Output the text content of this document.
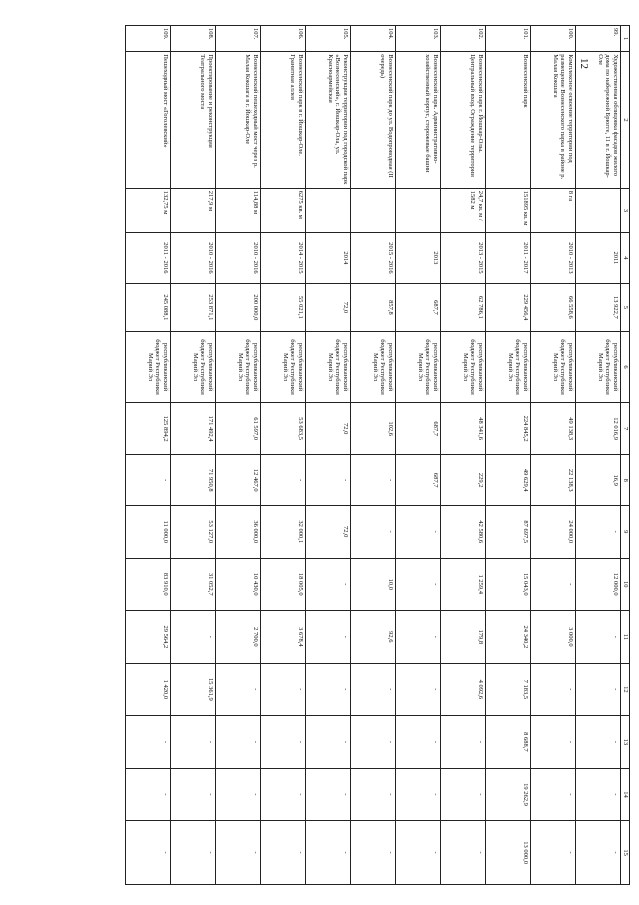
12
1	2	3	4	5	6	7	8	9	10	11	12	13	14	15
99.	Художественная облицовка фасадов жилого дома по набережной Брюгге, 11 в г. Йошкар-Оле		2011	13 922,7	республиканский бюджет Республики Марий Эл	12 016,9	16,9	-	12 000,0	-	-	-	-	-
100.	Комплексное освоение территории под размещение Вознесенского парка в районе р. Малая Кокшага	8 га	2010 - 2013	66 558,6	республиканский бюджет Республики Марий Эл	49 138,3	22 138,3	24 000,0	-	3 000,0	-	-	-	-
101.	Вознесенский парк	151895 кв. м	2011 - 2017	229 456,4	республиканский бюджет Республики Марий Эл	224 845,2	49 629,4	87 697,5	15 043,0	24 340,2	7 183,5	8 688,7	19 262,9	13 000,0
102.	Вознесенский парк г. Йошкар-Олы. Центральный вход. Ограждение территории	24,7 кв. м / 1582 м	2013 - 2015	62 786,1	республиканский бюджет Республики Марий Эл	48 341,6	229,2	42 580,6	1 259,4	179,8	4 092,6	-	-	-
103.	Вознесенский парк. Административно-хозяйственный корпус, сторожевые башни		2013	687,7	республиканский бюджет Республики Марий Эл	687,7	687,7	-	-	-	-	-	-	-
104.	Вознесенский парк до ул. Водопроводная (II очередь)		2015 - 2016	857,8	республиканский бюджет Республики Марий Эл	102,6	-	-	10,0	92,6	-	-	-	-
105.	Реконструкция территории под городской парк «Вознесенский», г. Йошкар-Ола, ул. Красноармейская		2014	72,0	республиканский бюджет Республики Марий Эл	72,0	-	72,0	-	-	-	-	-	-
106.	Вознесенский парк в г. Йошкар-Оле. Гранитная аллея	6275 кв. м	2014 - 2015	55 021,1	республиканский бюджет Республики Марий Эл	53 683,5	-	32 000,1	18 005,0	3 678,4	-	-	-	-
107.	Вознесенский пешеходный мост через р. Малая Кокшага в г. Йошкар-Оле	114,88 м	2010 - 2016	200 000,0	республиканский бюджет Республики Марий Эл	61 597,0	12 467,0	36 000,0	10 430,0	2 700,0	-	-	-	-
108.	Проектирование и реконструкция Театрального моста	217,9 м	2010 - 2016	253 871,1	республиканский бюджет Республики Марий Эл	171 492,4	71 950,8	53 127,0	31 052,7	-	15 361,9	-	-	-
109.	Пешеходный мост «Гоголевский»	132,75 м	2011 - 2016	245 088,1	республиканский бюджет Республики Марий Эл	125 894,2	-	11 000,0	83 910,0	29 564,2	1 420,0	-	-	-
